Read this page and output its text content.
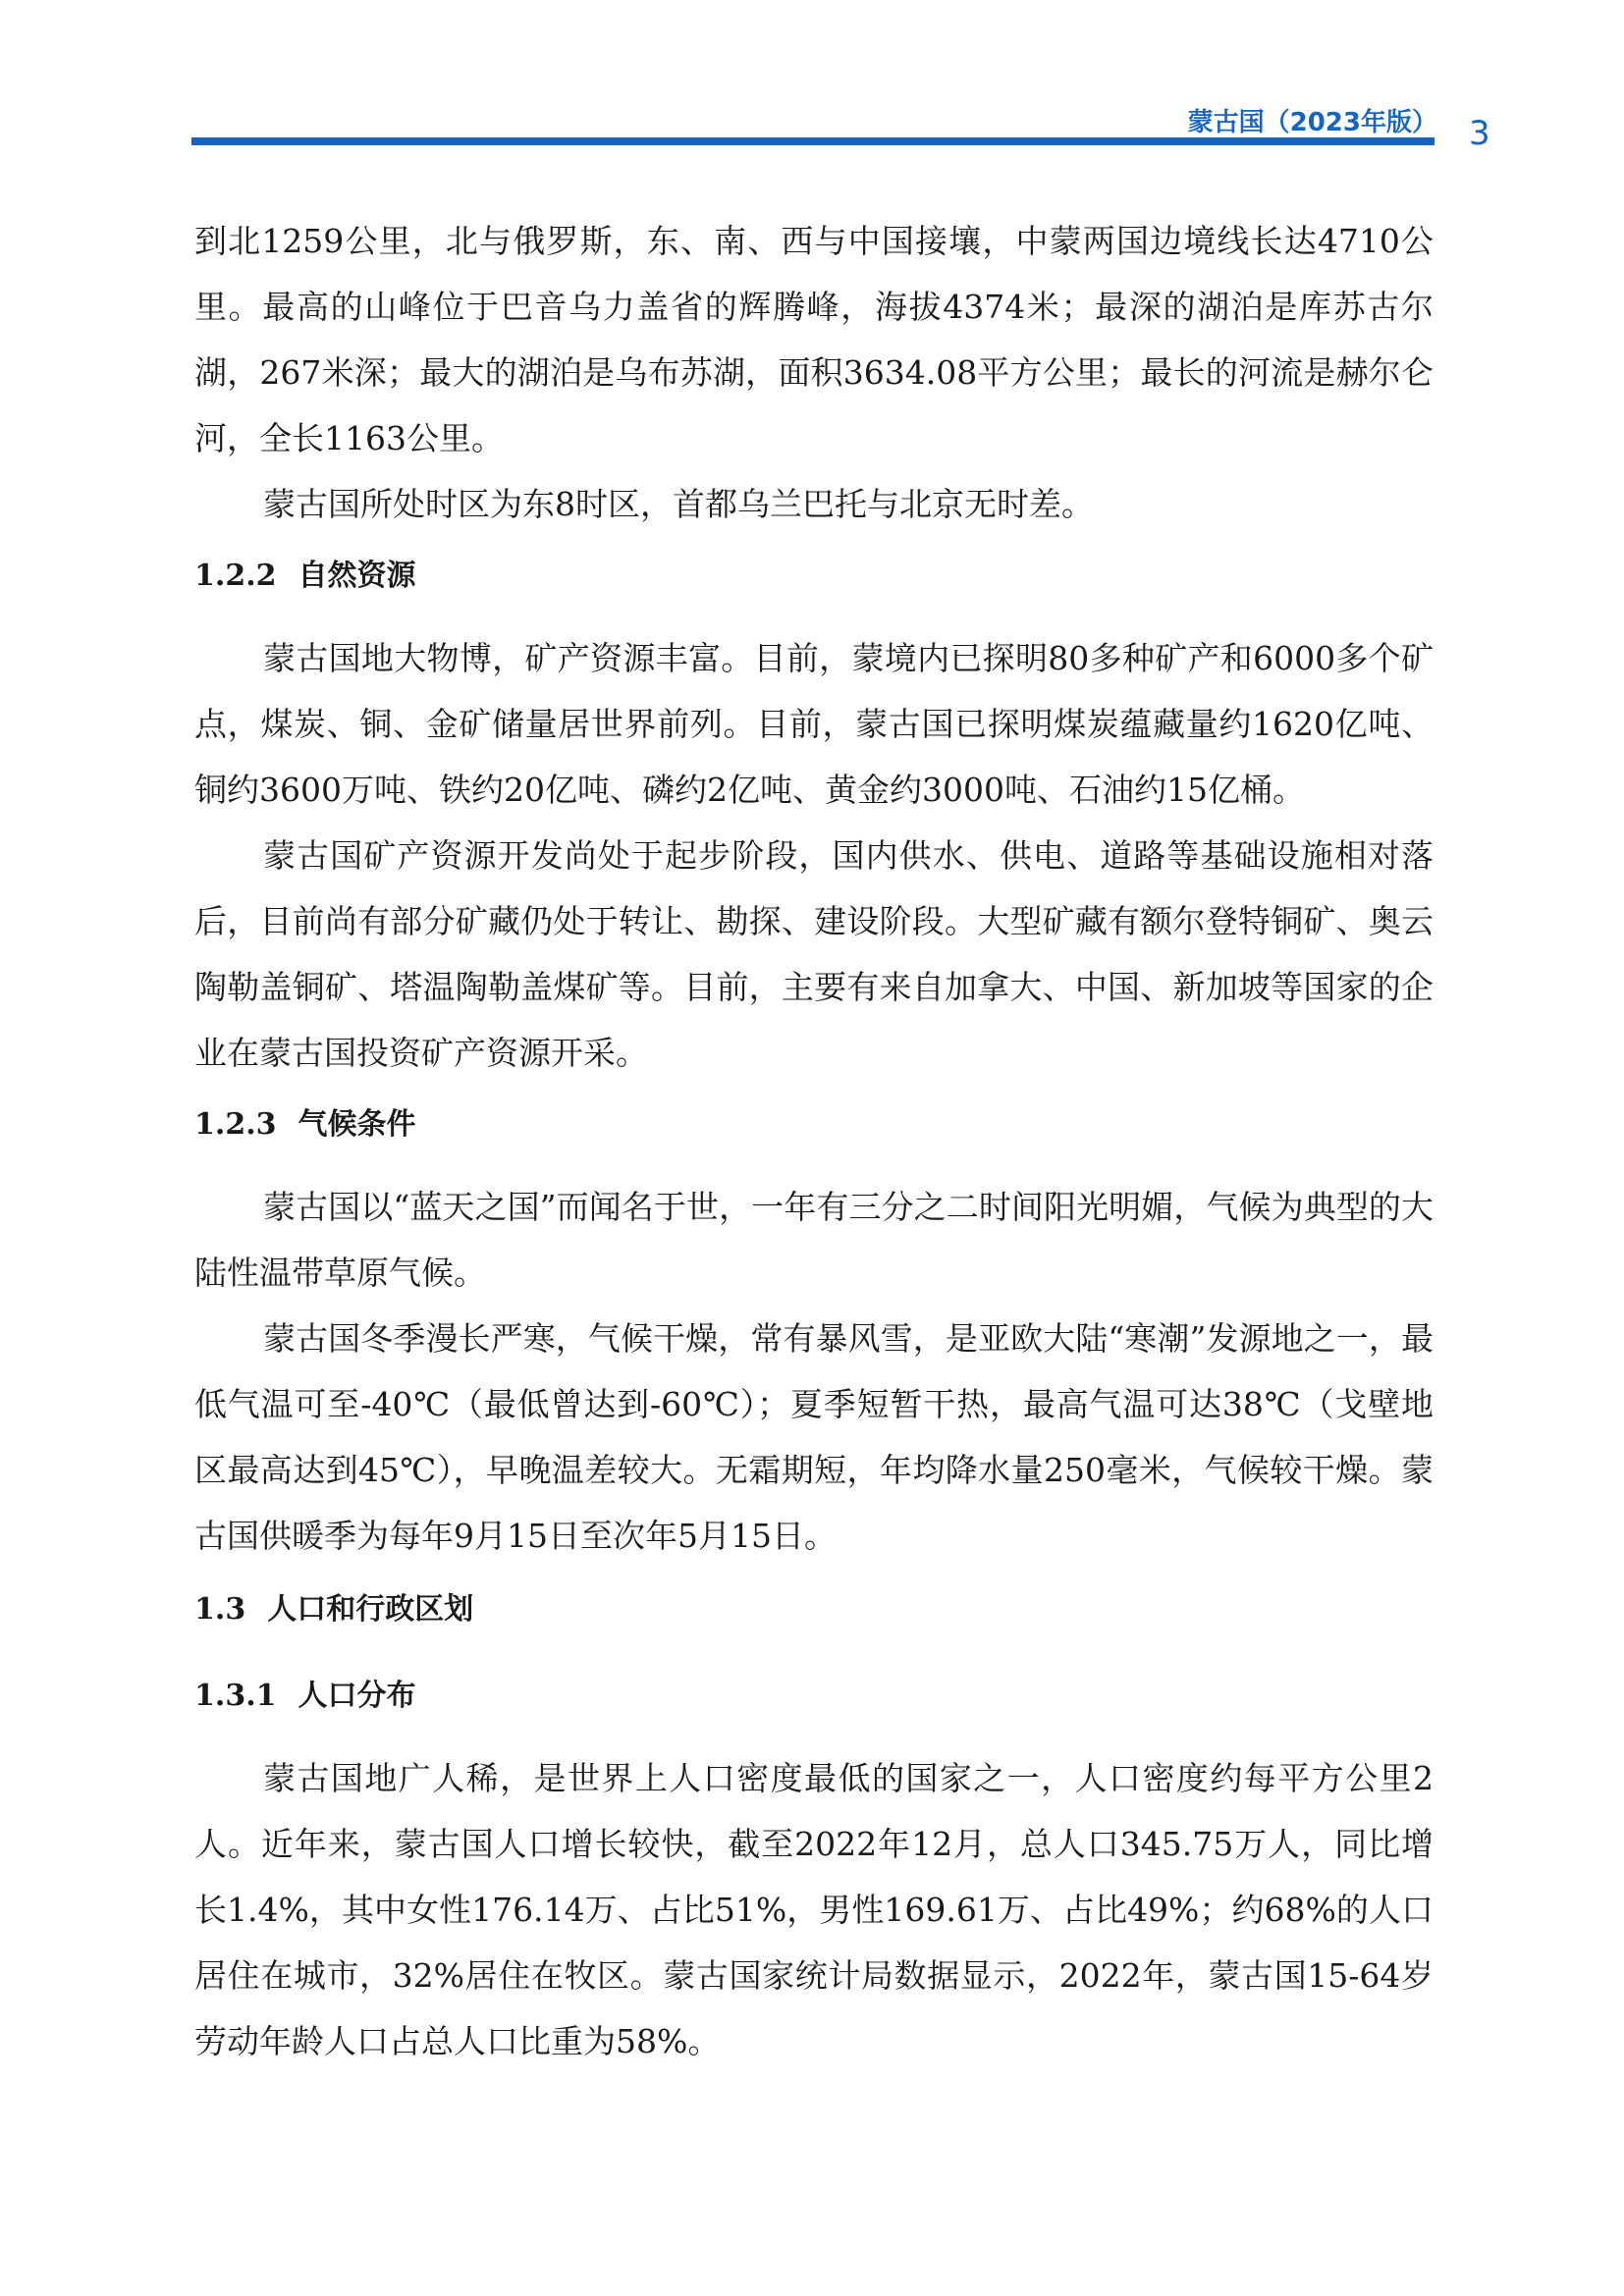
蒙古国（2023年版） 3

到北1259公里，北与俄罗斯，东、南、西与中国接壤，中蒙两国边境线长达4710公里。最高的山峰位于巴音乌力盖省的辉腾峰，海拔4374米；最深的湖泊是库苏古尔湖，267米深；最大的湖泊是乌布苏湖，面积3634.08平方公里；最长的河流是赫尔仑河，全长1163公里。

蒙古国所处时区为东8时区，首都乌兰巴托与北京无时差。

1.2.2 自然资源

蒙古国地大物博，矿产资源丰富。目前，蒙境内已探明80多种矿产和6000多个矿点，煤炭、铜、金矿储量居世界前列。目前，蒙古国已探明煤炭蕴藏量约1620亿吨、铜约3600万吨、铁约20亿吨、磷约2亿吨、黄金约3000吨、石油约15亿桶。

蒙古国矿产资源开发尚处于起步阶段，国内供水、供电、道路等基础设施相对落后，目前尚有部分矿藏仍处于转让、勘探、建设阶段。大型矿藏有额尔登特铜矿、奥云陶勒盖铜矿、塔温陶勒盖煤矿等。目前，主要有来自加拿大、中国、新加坡等国家的企业在蒙古国投资矿产资源开采。

1.2.3 气候条件

蒙古国以“蓝天之国”而闻名于世，一年有三分之二时间阳光明媚，气候为典型的大陆性温带草原气候。

蒙古国冬季漫长严寒，气候干燥，常有暴风雪，是亚欧大陆“寒潮”发源地之一，最低气温可至-40℃（最低曾达到-60℃）；夏季短暂干热，最高气温可达38℃（戈壁地区最高达到45℃），早晚温差较大。无霜期短，年均降水量250毫米，气候较干燥。蒙古国供暖季为每年9月15日至次年5月15日。

1.3 人口和行政区划
1.3.1 人口分布

蒙古国地广人稀，是世界上人口密度最低的国家之一，人口密度约每平方公里2人。近年来，蒙古国人口增长较快，截至2022年12月，总人口345.75万人，同比增长1.4%，其中女性176.14万、占比51%，男性169.61万、占比49%；约68%的人口居住在城市，32%居住在牧区。蒙古国家统计局数据显示，2022年，蒙古国15-64岁劳动年龄人口占总人口比重为58%。
